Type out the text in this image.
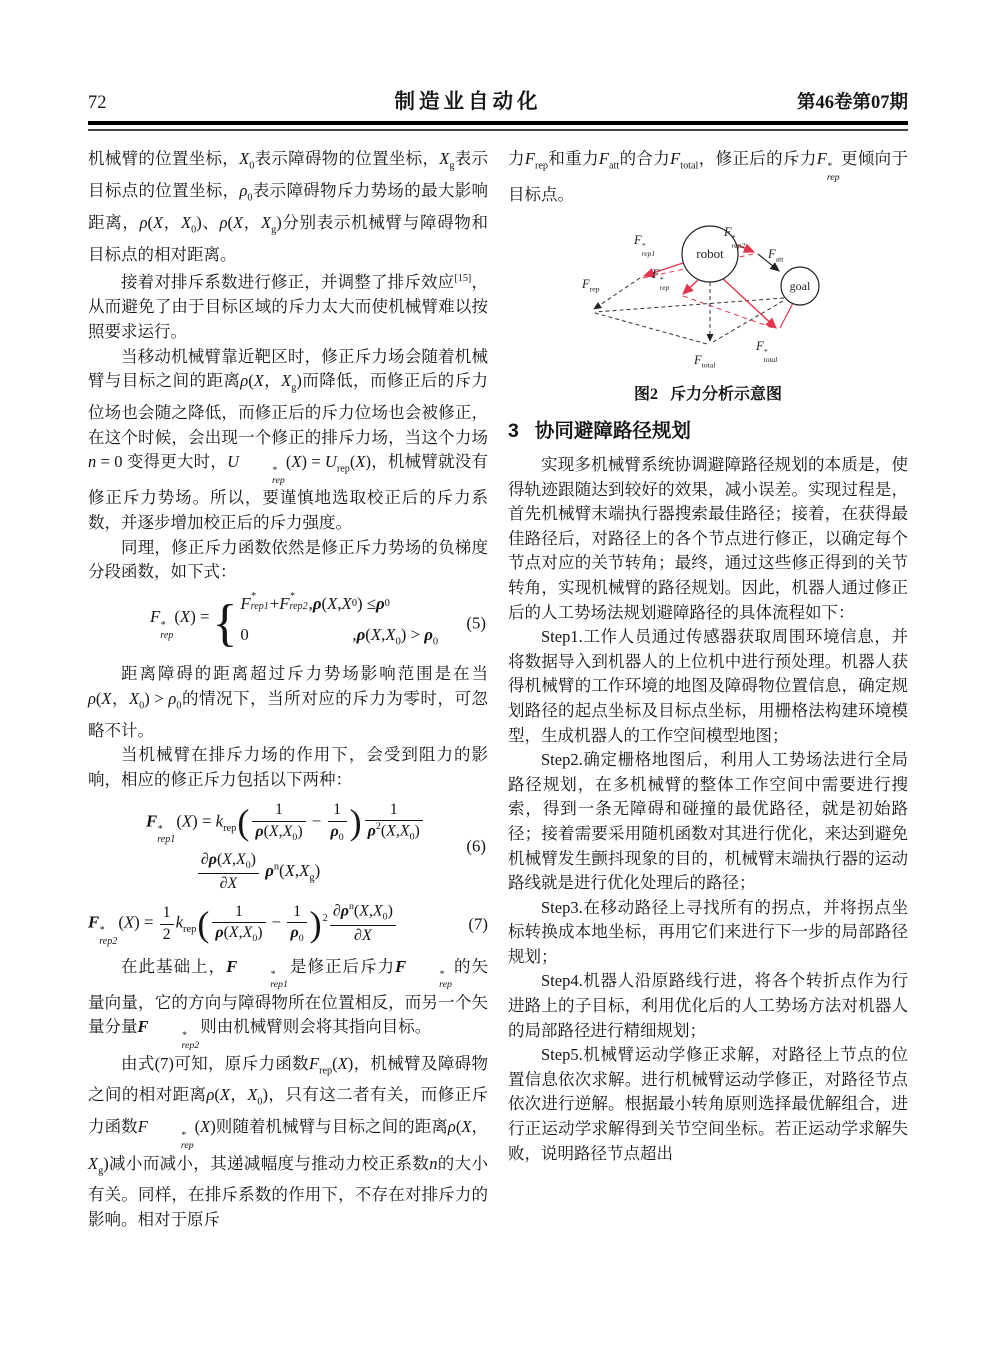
72	制造业自动化	第46卷第07期

机械臂的位置坐标，$X_0$表示障碍物的位置坐标，$X_g$表示目标点的位置坐标，$\rho_0$表示障碍物斥力势场的最大影响距离，ρ(X，$X_0$)、ρ(X，$X_g$)分别表示机械臂与障碍物和目标点的相对距离。

接着对排斥系数进行修正，并调整了排斥效应[15]，从而避免了由于目标区域的斥力太大而使机械臂难以按照要求运行。

当移动机械臂靠近靶区时，修正斥力场会随着机械臂与目标之间的距离ρ(X，$X_g$)而降低，而修正后的斥力位场也会随之降低，而修正后的斥力位场也会被修正，在这个时候，会出现一个修正的排斥力场，当这个力场 n = 0 变得更大时，U	*
rep
$(X) = U_{rep}(X)$，机械臂就没有修正斥力势场。所以，要谨慎地选取校正后的斥力系数，并逐步增加校正后的斥力强度。

同理，修正斥力函数依然是修正斥力势场的负梯度分段函数，如下式：

F *
rep
(X) = { F *
rep1 + F *
rep2 , ρ ( X , X 0 ) ≤ ρ 0
0	$,\rho(X,X_0) > \rho_0$
(5)

距离障碍的距离超过斥力势场影响范围是在当ρ(X，$X_0) > \rho_0$的情况下，当所对应的斥力为零时，可忽略不计。

当机械臂在排斥力场的作用下，会受到阻力的影响，相应的修正斥力包括以下两种：

F *
rep1
$(X) = k_{rep}( \frac{1}{\rho(X,X_0)} - \frac{1}{\rho_0}$ ) $\frac{1}{\rho^2(X,X_0)}$
$\frac{\partial\rho(X,X_0)}{\partial X} \rho^n(X,X_g)$
(6)
F *
rep2
$(X) = \frac{1}{2} k_{rep}( \frac{1}{\rho(X,X_0)} - \frac{1}{\rho_0} )^2 \frac{\partial\rho^n(X,X_0)}{\partial X}$	(7)

在此基础上，F	*
rep1
是修正后斥力F	*
rep
的矢量向量，它的方向与障碍物所在位置相反，而另一个矢量分量F	*
rep2
则由机械臂则会将其指向目标。

由式(7)可知，原斥力函数$F_{rep}(X)$，机械臂及障碍物之间的相对距离ρ(X，$X_0$)，只有这二者有关，而修正斥力函数F	*
rep
(X)则随着机械臂与目标之间的距离ρ(X，$X_g$)减小而减小，其递减幅度与推动力校正系数n的大小有关。同样，在排斥系数的作用下，不存在对排斥力的影响。相对于原斥

力$F_{rep}$和重力$F_{att}$的合力$F_{total}$，修正后的斥力F *
rep
更倾向于目标点。

robot
goal
F *
rep1
F *
rep2
$F_{att}$
$F_{rep}$
F *
rep
$F_{total}$
F *
total
图2 斥力分析示意图
3 协同避障路径规划

实现多机械臂系统协调避障路径规划的本质是，使得轨迹跟随达到较好的效果，减小误差。实现过程是，首先机械臂末端执行器搜索最佳路径；接着，在获得最佳路径后，对路径上的各个节点进行修正，以确定每个节点对应的关节转角；最终，通过这些修正得到的关节转角，实现机械臂的路径规划。因此，机器人通过修正后的人工势场法规划避障路径的具体流程如下：

Step1.工作人员通过传感器获取周围环境信息，并将数据导入到机器人的上位机中进行预处理。机器人获得机械臂的工作环境的地图及障碍物位置信息，确定规划路径的起点坐标及目标点坐标，用栅格法构建环境模型，生成机器人的工作空间模型地图；

Step2.确定栅格地图后，利用人工势场法进行全局路径规划，在多机械臂的整体工作空间中需要进行搜索，得到一条无障碍和碰撞的最优路径，就是初始路径；接着需要采用随机函数对其进行优化，来达到避免机械臂发生颤抖现象的目的，机械臂末端执行器的运动路线就是进行优化处理后的路径；

Step3.在移动路径上寻找所有的拐点，并将拐点坐标转换成本地坐标，再用它们来进行下一步的局部路径规划；

Step4.机器人沿原路线行进，将各个转折点作为行进路上的子目标，利用优化后的人工势场方法对机器人的局部路径进行精细规划；

Step5.机械臂运动学修正求解，对路径上节点的位置信息依次求解。进行机械臂运动学修正，对路径节点依次进行逆解。根据最小转角原则选择最优解组合，进行正运动学求解得到关节空间坐标。若正运动学求解失败，说明路径节点超出
